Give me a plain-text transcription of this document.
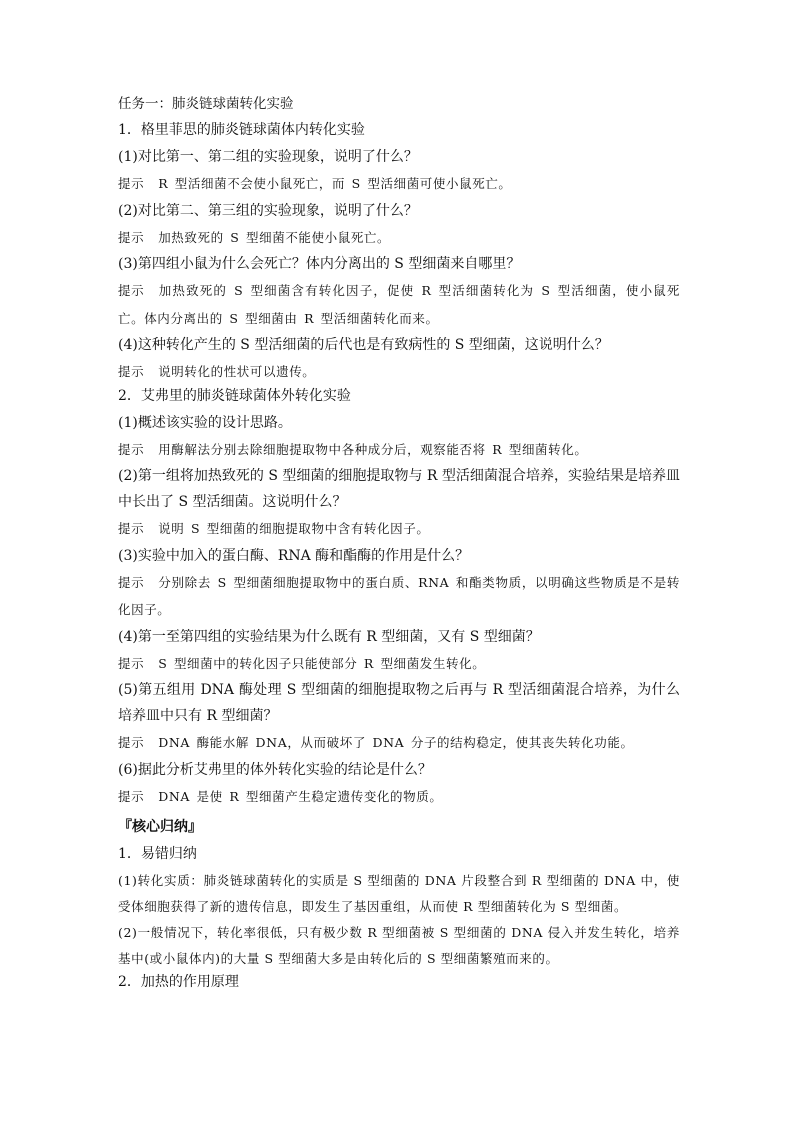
任务一：肺炎链球菌转化实验
1．格里菲思的肺炎链球菌体内转化实验
(1)对比第一、第二组的实验现象，说明了什么？
提示 R 型活细菌不会使小鼠死亡，而 S 型活细菌可使小鼠死亡。
(2)对比第二、第三组的实验现象，说明了什么？
提示 加热致死的 S 型细菌不能使小鼠死亡。
(3)第四组小鼠为什么会死亡？体内分离出的 S 型细菌来自哪里？
提示 加热致死的 S 型细菌含有转化因子，促使 R 型活细菌转化为 S 型活细菌，使小鼠死亡。体内分离出的 S 型细菌由 R 型活细菌转化而来。
(4)这种转化产生的 S 型活细菌的后代也是有致病性的 S 型细菌，这说明什么？
提示 说明转化的性状可以遗传。
2．艾弗里的肺炎链球菌体外转化实验
(1)概述该实验的设计思路。
提示 用酶解法分别去除细胞提取物中各种成分后，观察能否将 R 型细菌转化。
(2)第一组将加热致死的 S 型细菌的细胞提取物与 R 型活细菌混合培养，实验结果是培养皿中长出了 S 型活细菌。这说明什么？
提示 说明 S 型细菌的细胞提取物中含有转化因子。
(3)实验中加入的蛋白酶、RNA 酶和酯酶的作用是什么？
提示 分别除去 S 型细菌细胞提取物中的蛋白质、RNA 和酯类物质，以明确这些物质是不是转化因子。
(4)第一至第四组的实验结果为什么既有 R 型细菌，又有 S 型细菌？
提示 S 型细菌中的转化因子只能使部分 R 型细菌发生转化。
(5)第五组用 DNA 酶处理 S 型细菌的细胞提取物之后再与 R 型活细菌混合培养，为什么培养皿中只有 R 型细菌？
提示 DNA 酶能水解 DNA，从而破坏了 DNA 分子的结构稳定，使其丧失转化功能。
(6)据此分析艾弗里的体外转化实验的结论是什么？
提示 DNA 是使 R 型细菌产生稳定遗传变化的物质。
『核心归纳』
1．易错归纳
(1)转化实质：肺炎链球菌转化的实质是 S 型细菌的 DNA 片段整合到 R 型细菌的 DNA 中，使受体细胞获得了新的遗传信息，即发生了基因重组，从而使 R 型细菌转化为 S 型细菌。
(2)一般情况下，转化率很低，只有极少数 R 型细菌被 S 型细菌的 DNA 侵入并发生转化，培养基中(或小鼠体内)的大量 S 型细菌大多是由转化后的 S 型细菌繁殖而来的。
2．加热的作用原理
